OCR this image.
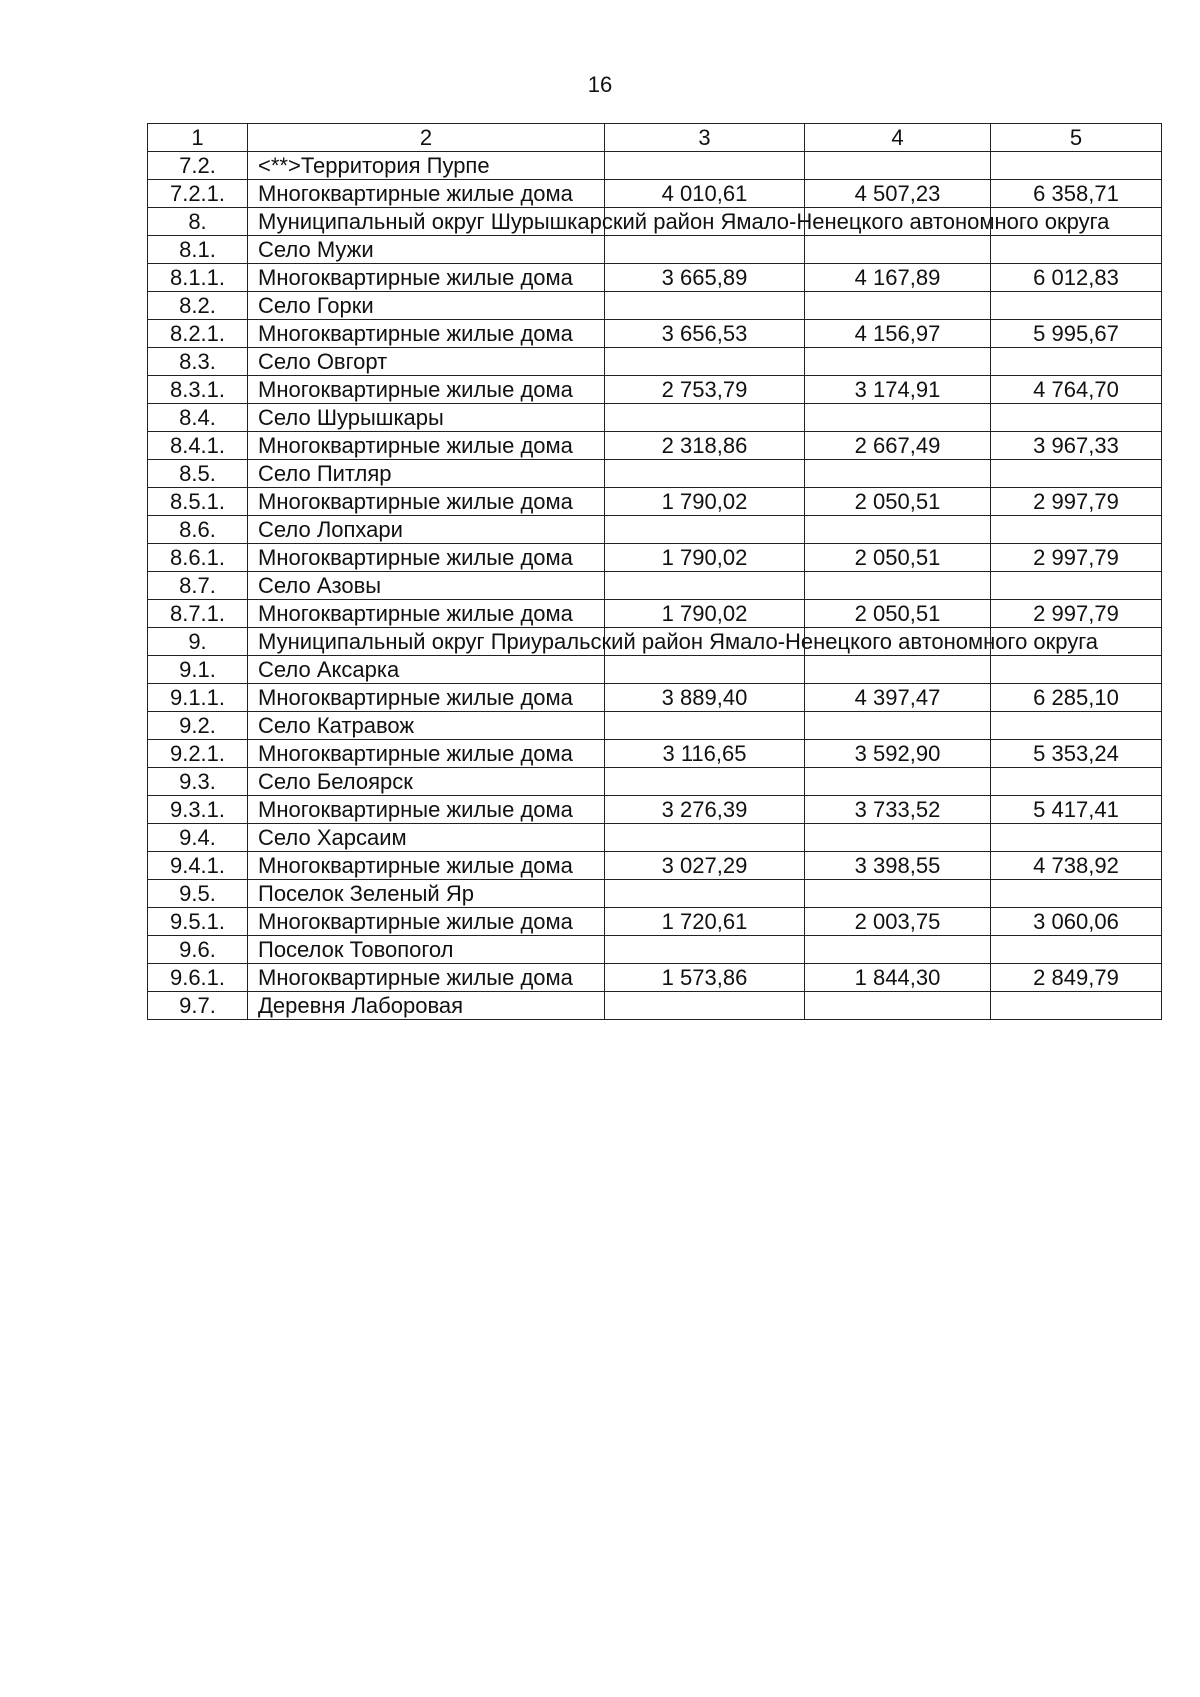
16
1	2	3	4	5
7.2.	<**>Территория Пурпе			
7.2.1.	Многоквартирные жилые дома	4 010,61	4 507,23	6 358,71
8.	Муниципальный округ Шурышкарский район Ямало-Ненецкого автономного округа			
8.1.	Село Мужи			
8.1.1.	Многоквартирные жилые дома	3 665,89	4 167,89	6 012,83
8.2.	Село Горки			
8.2.1.	Многоквартирные жилые дома	3 656,53	4 156,97	5 995,67
8.3.	Село Овгорт			
8.3.1.	Многоквартирные жилые дома	2 753,79	3 174,91	4 764,70
8.4.	Село Шурышкары			
8.4.1.	Многоквартирные жилые дома	2 318,86	2 667,49	3 967,33
8.5.	Село Питляр			
8.5.1.	Многоквартирные жилые дома	1 790,02	2 050,51	2 997,79
8.6.	Село Лопхари			
8.6.1.	Многоквартирные жилые дома	1 790,02	2 050,51	2 997,79
8.7.	Село Азовы			
8.7.1.	Многоквартирные жилые дома	1 790,02	2 050,51	2 997,79
9.	Муниципальный округ Приуральский район Ямало-Ненецкого автономного округа			
9.1.	Село Аксарка			
9.1.1.	Многоквартирные жилые дома	3 889,40	4 397,47	6 285,10
9.2.	Село Катравож			
9.2.1.	Многоквартирные жилые дома	3 116,65	3 592,90	5 353,24
9.3.	Село Белоярск			
9.3.1.	Многоквартирные жилые дома	3 276,39	3 733,52	5 417,41
9.4.	Село Харсаим			
9.4.1.	Многоквартирные жилые дома	3 027,29	3 398,55	4 738,92
9.5.	Поселок Зеленый Яр			
9.5.1.	Многоквартирные жилые дома	1 720,61	2 003,75	3 060,06
9.6.	Поселок Товопогол			
9.6.1.	Многоквартирные жилые дома	1 573,86	1 844,30	2 849,79
9.7.	Деревня Лаборовая			
